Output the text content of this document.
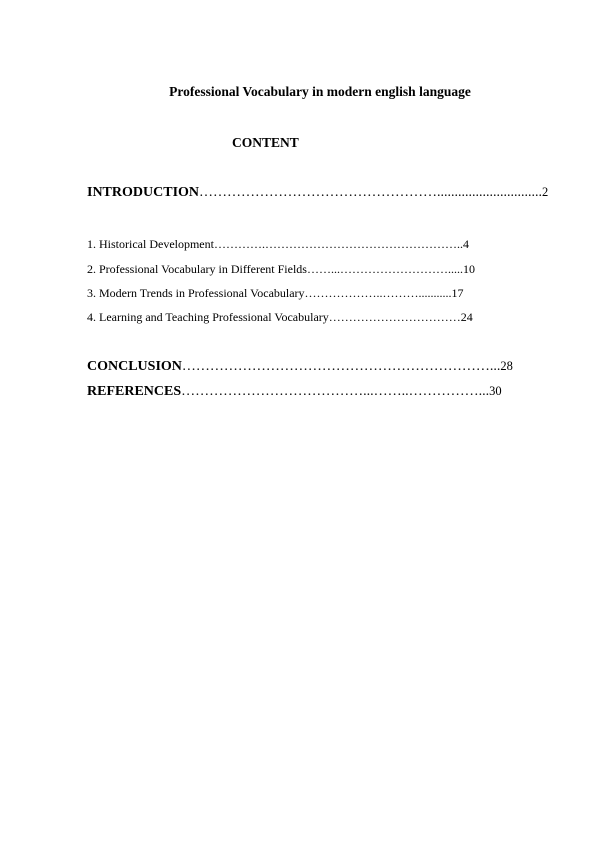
Professional Vocabulary in modern english language
CONTENT
INTRODUCTION……………………………………………..............................2
1. Historical Development………….…………………………………………..4
2. Professional Vocabulary in Different Fields……...……………………….....10
3. Modern Trends in Professional Vocabulary………………..………...........17
4. Learning and Teaching Professional Vocabulary……………………………24
CONCLUSION…………………………………………………………...28
REFERENCES…………………………………...……..……………...30
